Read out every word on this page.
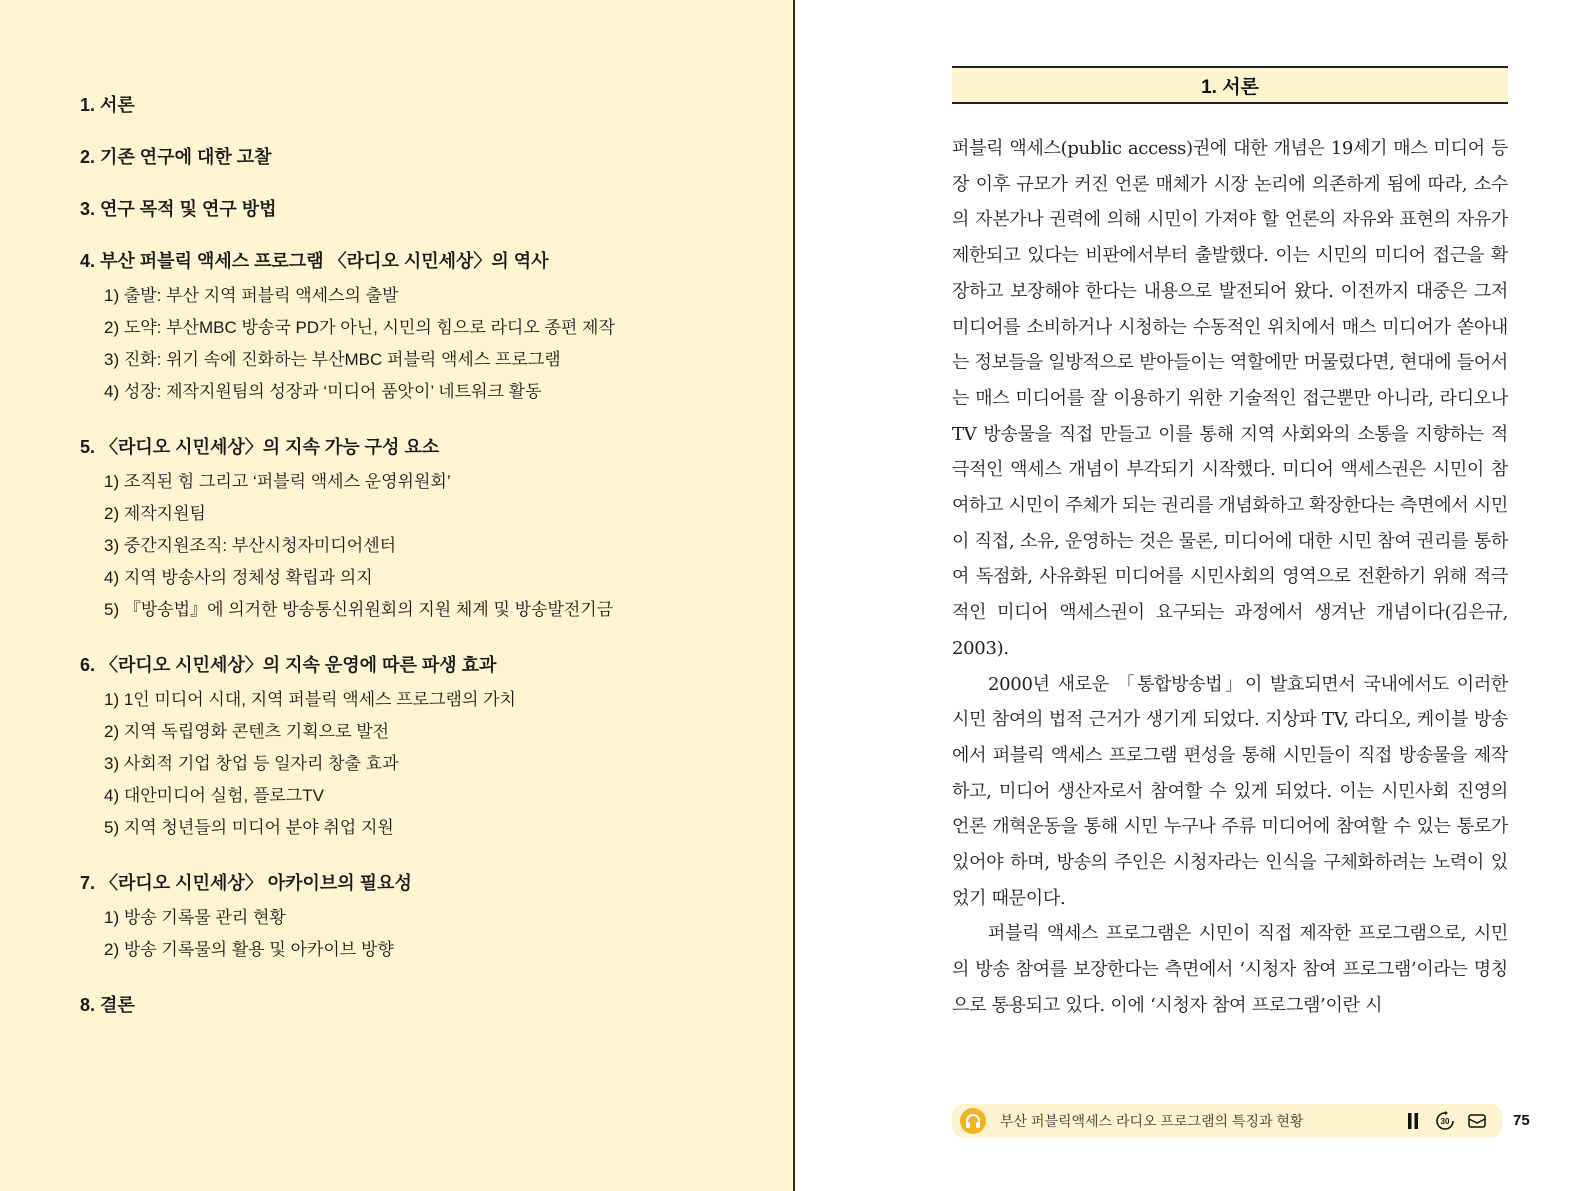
1. 서론
2. 기존 연구에 대한 고찰
3. 연구 목적 및 연구 방법
4. 부산 퍼블릭 액세스 프로그램 〈라디오 시민세상〉의 역사
1) 출발: 부산 지역 퍼블릭 액세스의 출발
2) 도약: 부산MBC 방송국 PD가 아닌, 시민의 힘으로 라디오 종편 제작
3) 진화: 위기 속에 진화하는 부산MBC 퍼블릭 액세스 프로그램
4) 성장: 제작지원팀의 성장과 ‘미디어 품앗이’ 네트워크 활동
5. 〈라디오 시민세상〉의 지속 가능 구성 요소
1) 조직된 힘 그리고 ‘퍼블릭 액세스 운영위원회’
2) 제작지원팀
3) 중간지원조직: 부산시청자미디어센터
4) 지역 방송사의 정체성 확립과 의지
5) 『방송법』에 의거한 방송통신위원회의 지원 체계 및 방송발전기금
6. 〈라디오 시민세상〉의 지속 운영에 따른 파생 효과
1) 1인 미디어 시대, 지역 퍼블릭 액세스 프로그램의 가치
2) 지역 독립영화 콘텐츠 기획으로 발전
3) 사회적 기업 창업 등 일자리 창출 효과
4) 대안미디어 실험, 플로그TV
5) 지역 청년들의 미디어 분야 취업 지원
7. 〈라디오 시민세상〉 아카이브의 필요성
1) 방송 기록물 관리 현황
2) 방송 기록물의 활용 및 아카이브 방향
8. 결론
1. 서론

퍼블릭 액세스(public access)권에 대한 개념은 19세기 매스 미디어 등장 이후 규모가 커진 언론 매체가 시장 논리에 의존하게 됨에 따라, 소수의 자본가나 권력에 의해 시민이 가져야 할 언론의 자유와 표현의 자유가 제한되고 있다는 비판에서부터 출발했다. 이는 시민의 미디어 접근을 확장하고 보장해야 한다는 내용으로 발전되어 왔다. 이전까지 대중은 그저 미디어를 소비하거나 시청하는 수동적인 위치에서 매스 미디어가 쏟아내는 정보들을 일방적으로 받아들이는 역할에만 머물렀다면, 현대에 들어서는 매스 미디어를 잘 이용하기 위한 기술적인 접근뿐만 아니라, 라디오나 TV 방송물을 직접 만들고 이를 통해 지역 사회와의 소통을 지향하는 적극적인 액세스 개념이 부각되기 시작했다. 미디어 액세스권은 시민이 참여하고 시민이 주체가 되는 권리를 개념화하고 확장한다는 측면에서 시민이 직접, 소유, 운영하는 것은 물론, 미디어에 대한 시민 참여 권리를 통하여 독점화, 사유화된 미디어를 시민사회의 영역으로 전환하기 위해 적극적인 미디어 액세스권이 요구되는 과정에서 생겨난 개념이다(김은규, 2003).

2000년 새로운 「통합방송법」이 발효되면서 국내에서도 이러한 시민 참여의 법적 근거가 생기게 되었다. 지상파 TV, 라디오, 케이블 방송에서 퍼블릭 액세스 프로그램 편성을 통해 시민들이 직접 방송물을 제작하고, 미디어 생산자로서 참여할 수 있게 되었다. 이는 시민사회 진영의 언론 개혁운동을 통해 시민 누구나 주류 미디어에 참여할 수 있는 통로가 있어야 하며, 방송의 주인은 시청자라는 인식을 구체화하려는 노력이 있었기 때문이다.

퍼블릭 액세스 프로그램은 시민이 직접 제작한 프로그램으로, 시민의 방송 참여를 보장한다는 측면에서 ‘시청자 참여 프로그램’이라는 명칭으로 통용되고 있다. 이에 ‘시청자 참여 프로그램’이란 시

부산 퍼블릭액세스 라디오 프로그램의 특징과 현황	30	75
